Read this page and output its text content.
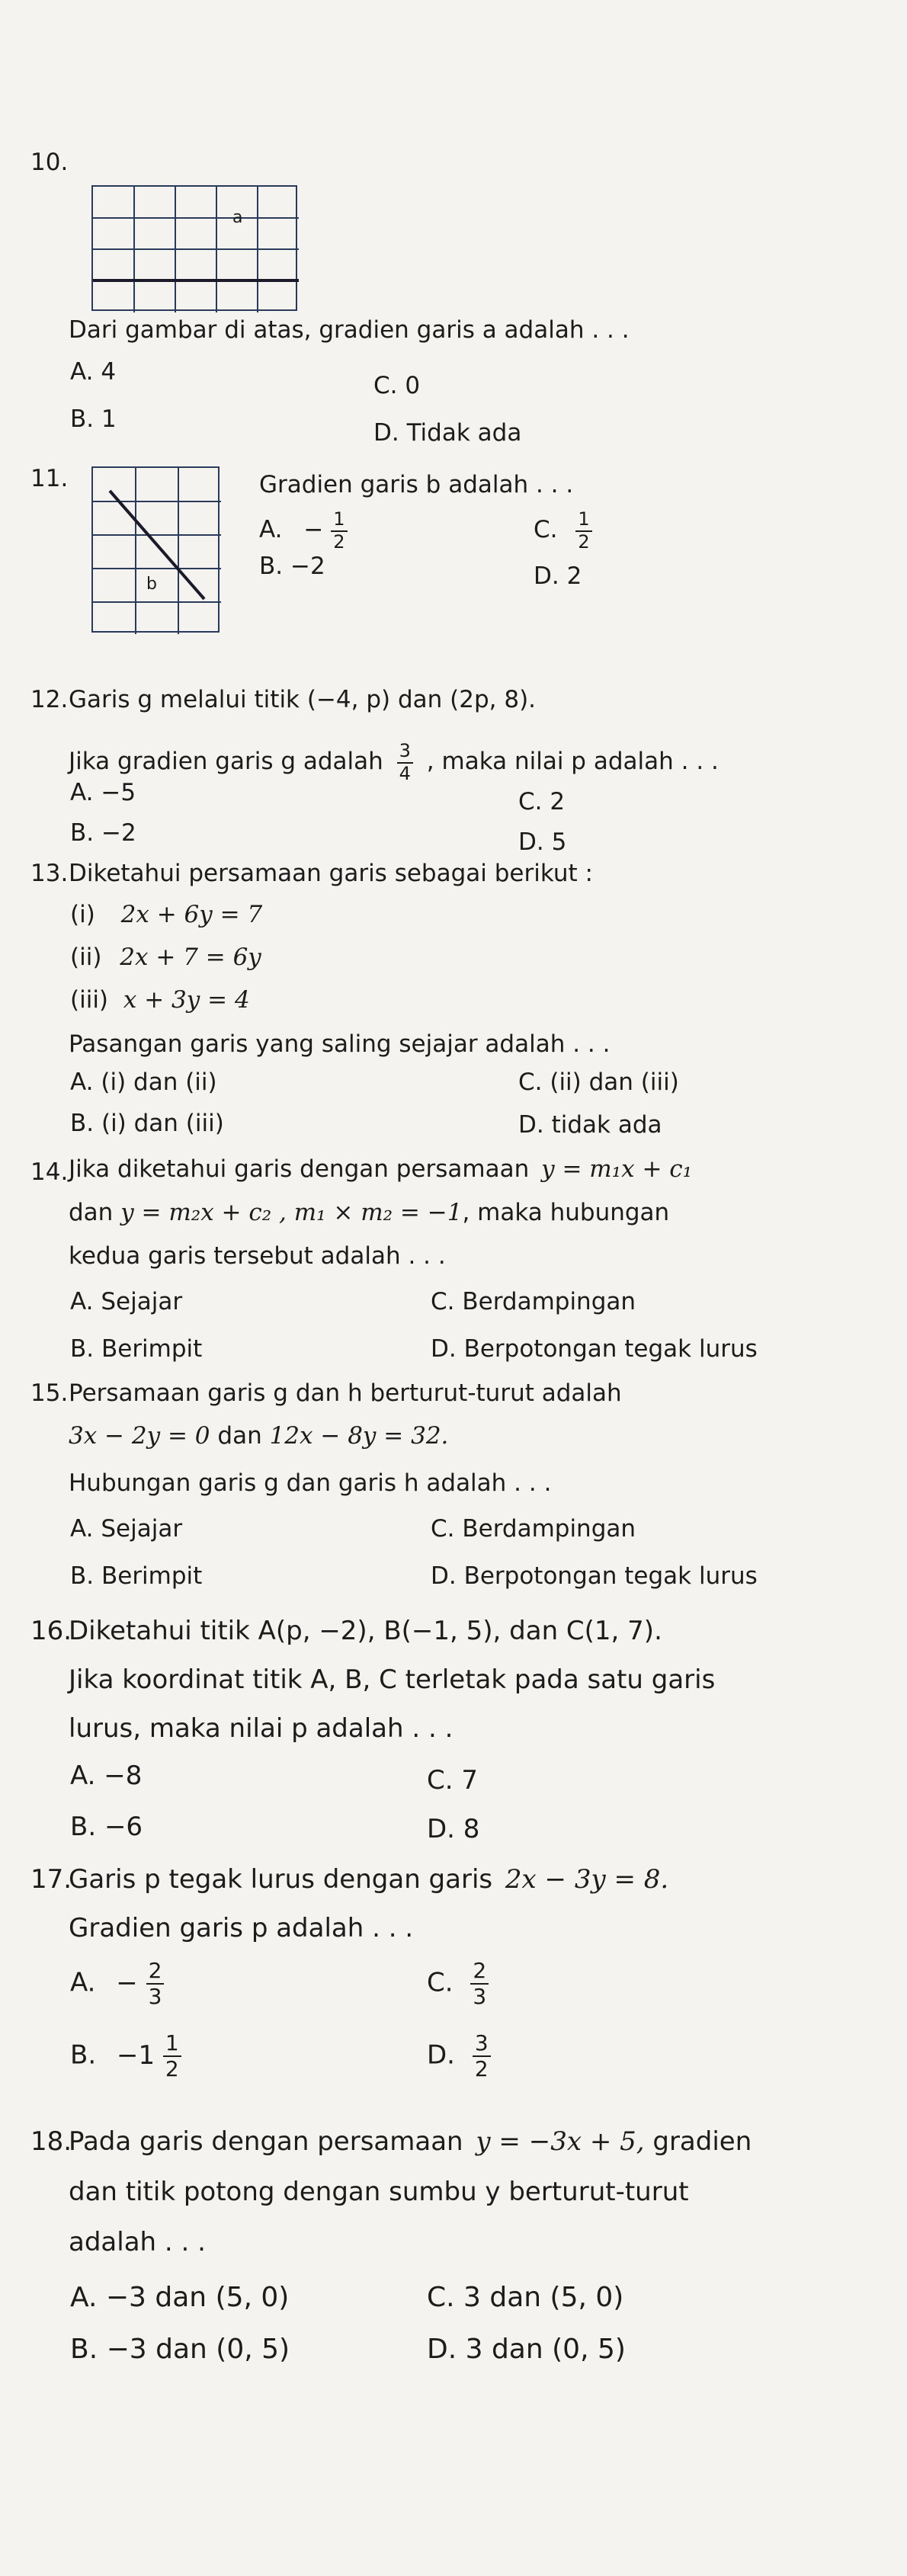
10.
a
Dari gambar di atas, gradien garis a adalah . . .
A. 4	C. 0
B. 1	D. Tidak ada
11.
b
Gradien garis b adalah . . .
A. − $\frac{1}{2}$	C. $\frac{1}{2}$
B. −2	D. 2
12. Garis g melalui titik (−4, p) dan (2p, 8).
Jika gradien garis g adalah $\frac{3}{4}$ , maka nilai p adalah . . .
A. −5	C. 2
B. −2	D. 5
13. Diketahui persamaan garis sebagai berikut :
(i) 2x + 6y = 7
(ii) 2x + 7 = 6y
(iii) x + 3y = 4
Pasangan garis yang saling sejajar adalah . . .
A. (i) dan (ii)	C. (ii) dan (iii)
B. (i) dan (iii)	D. tidak ada
14. Jika diketahui garis dengan persamaan y = m₁x + c₁
dan y = m₂x + c₂ , m₁ × m₂ = −1, maka hubungan
kedua garis tersebut adalah . . .
A. Sejajar	C. Berdampingan
B. Berimpit	D. Berpotongan tegak lurus
15. Persamaan garis g dan h berturut-turut adalah
3x − 2y = 0 dan 12x − 8y = 32.
Hubungan garis g dan garis h adalah . . .
A. Sejajar	C. Berdampingan
B. Berimpit	D. Berpotongan tegak lurus
16.
Diketahui titik A(p, −2), B(−1, 5), dan C(1, 7).
Jika koordinat titik A, B, C terletak pada satu garis
lurus, maka nilai p adalah . . .
A. −8	C. 7
B. −6	D. 8
17.
Garis p tegak lurus dengan garis 2x − 3y = 8.
Gradien garis p adalah . . .
A. − $\frac{2}{3}$	C. $\frac{2}{3}$
B. $-1 \frac{1}{2}$	D. $\frac{3}{2}$
18.
Pada garis dengan persamaan y = −3x + 5, gradien
dan titik potong dengan sumbu y berturut-turut
adalah . . .
A. −3 dan (5, 0)	C. 3 dan (5, 0)
B. −3 dan (0, 5)	D. 3 dan (0, 5)
